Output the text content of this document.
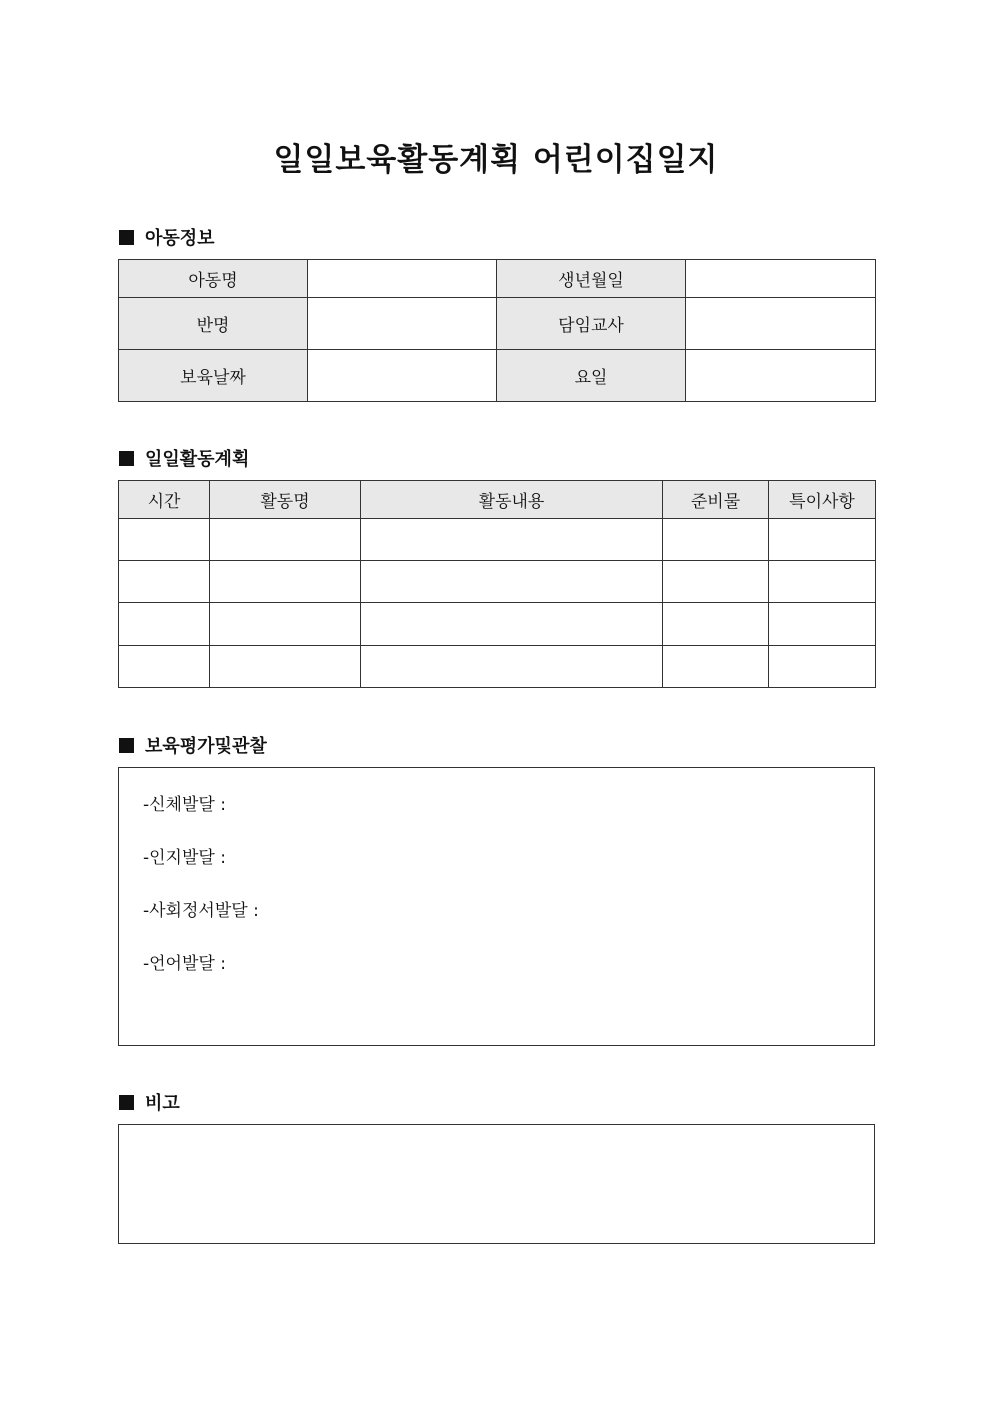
일일보육활동계획 어린이집일지
아동정보
아동명		생년월일	
반명		담임교사	
보육날짜		요일	
일일활동계획
시간	활동명	활동내용	준비물	특이사항

보육평가및관찰
-신체발달 :
-인지발달 :
-사회정서발달 :
-언어발달 :
비고
